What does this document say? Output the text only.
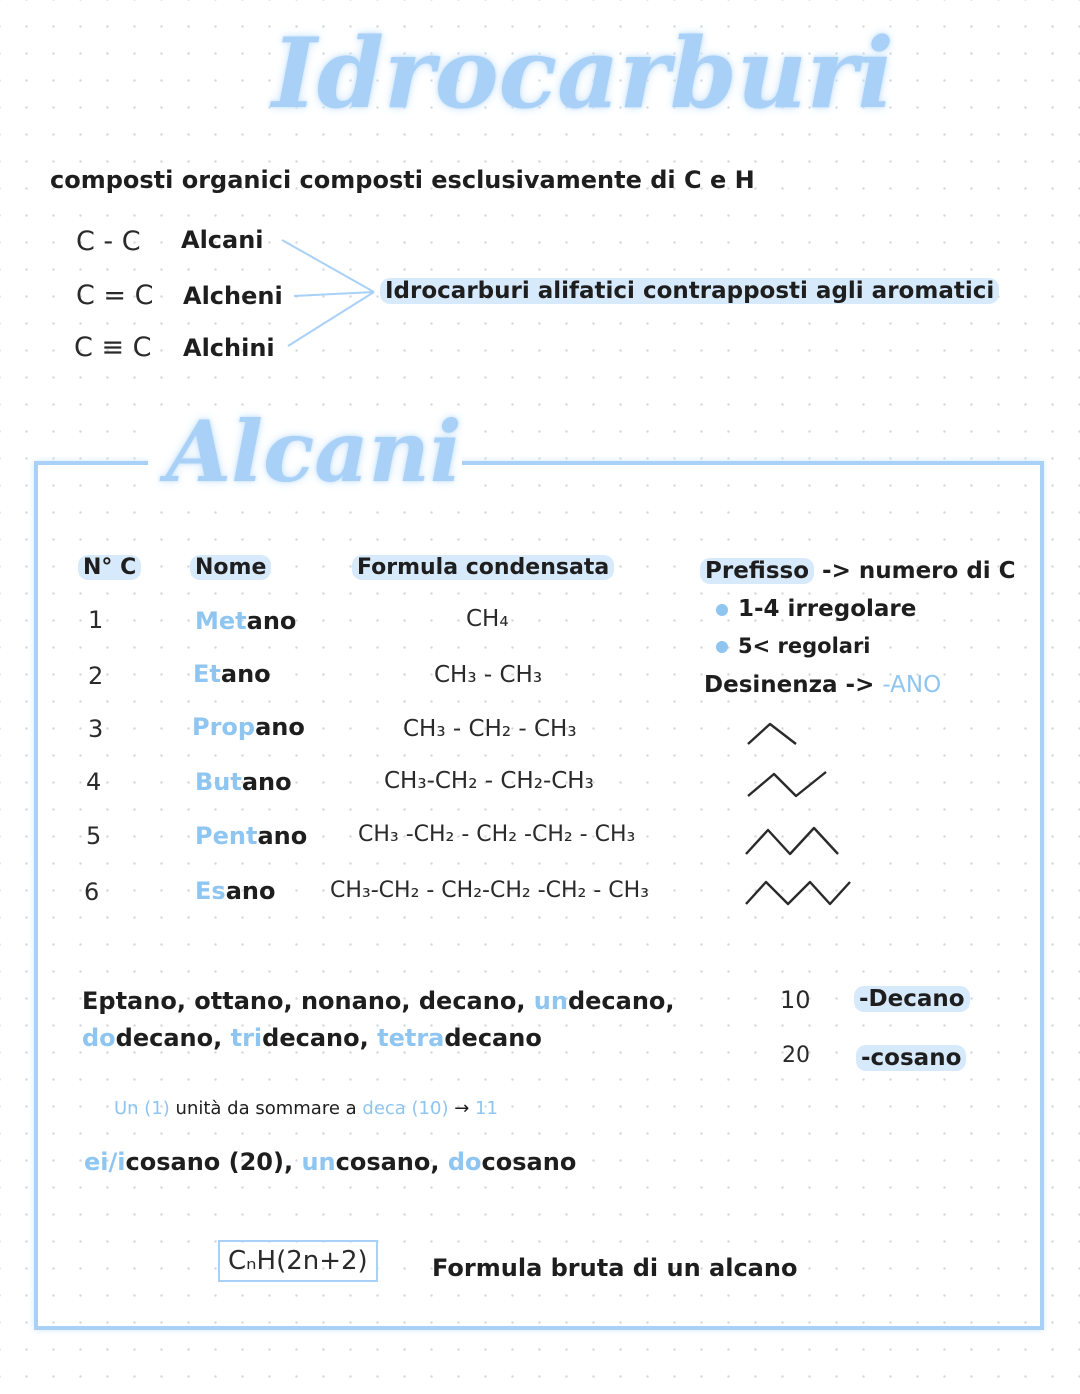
Idrocarburi
composti organici composti esclusivamente di C e H
C - C Alcani
C = C Alcheni
C ≡ C Alchini
Idrocarburi alifatici contrapposti agli aromatici
Alcani
N° C	Nome	Formula condensata
1	Metano	CH₄
2	Etano	CH₃ - CH₃
3	Propano	CH₃ - CH₂ - CH₃
4	Butano	CH₃-CH₂ - CH₂-CH₃
5	Pentano CH₃ -CH₂ - CH₂ -CH₂ - CH₃
6	Esano CH₃-CH₂ - CH₂-CH₂ -CH₂ - CH₃
Prefisso -> numero di C
1-4 irregolare
5< regolari
Desinenza -> -ANO
Eptano, ottano, nonano, decano, undecano,
dodecano, tridecano, tetradecano
10 -Decano
20 -cosano
Un (1) unità da sommare a deca (10) → 11
ei/icosano (20), uncosano, docosano
CₙH(2n+2)	Formula bruta di un alcano
